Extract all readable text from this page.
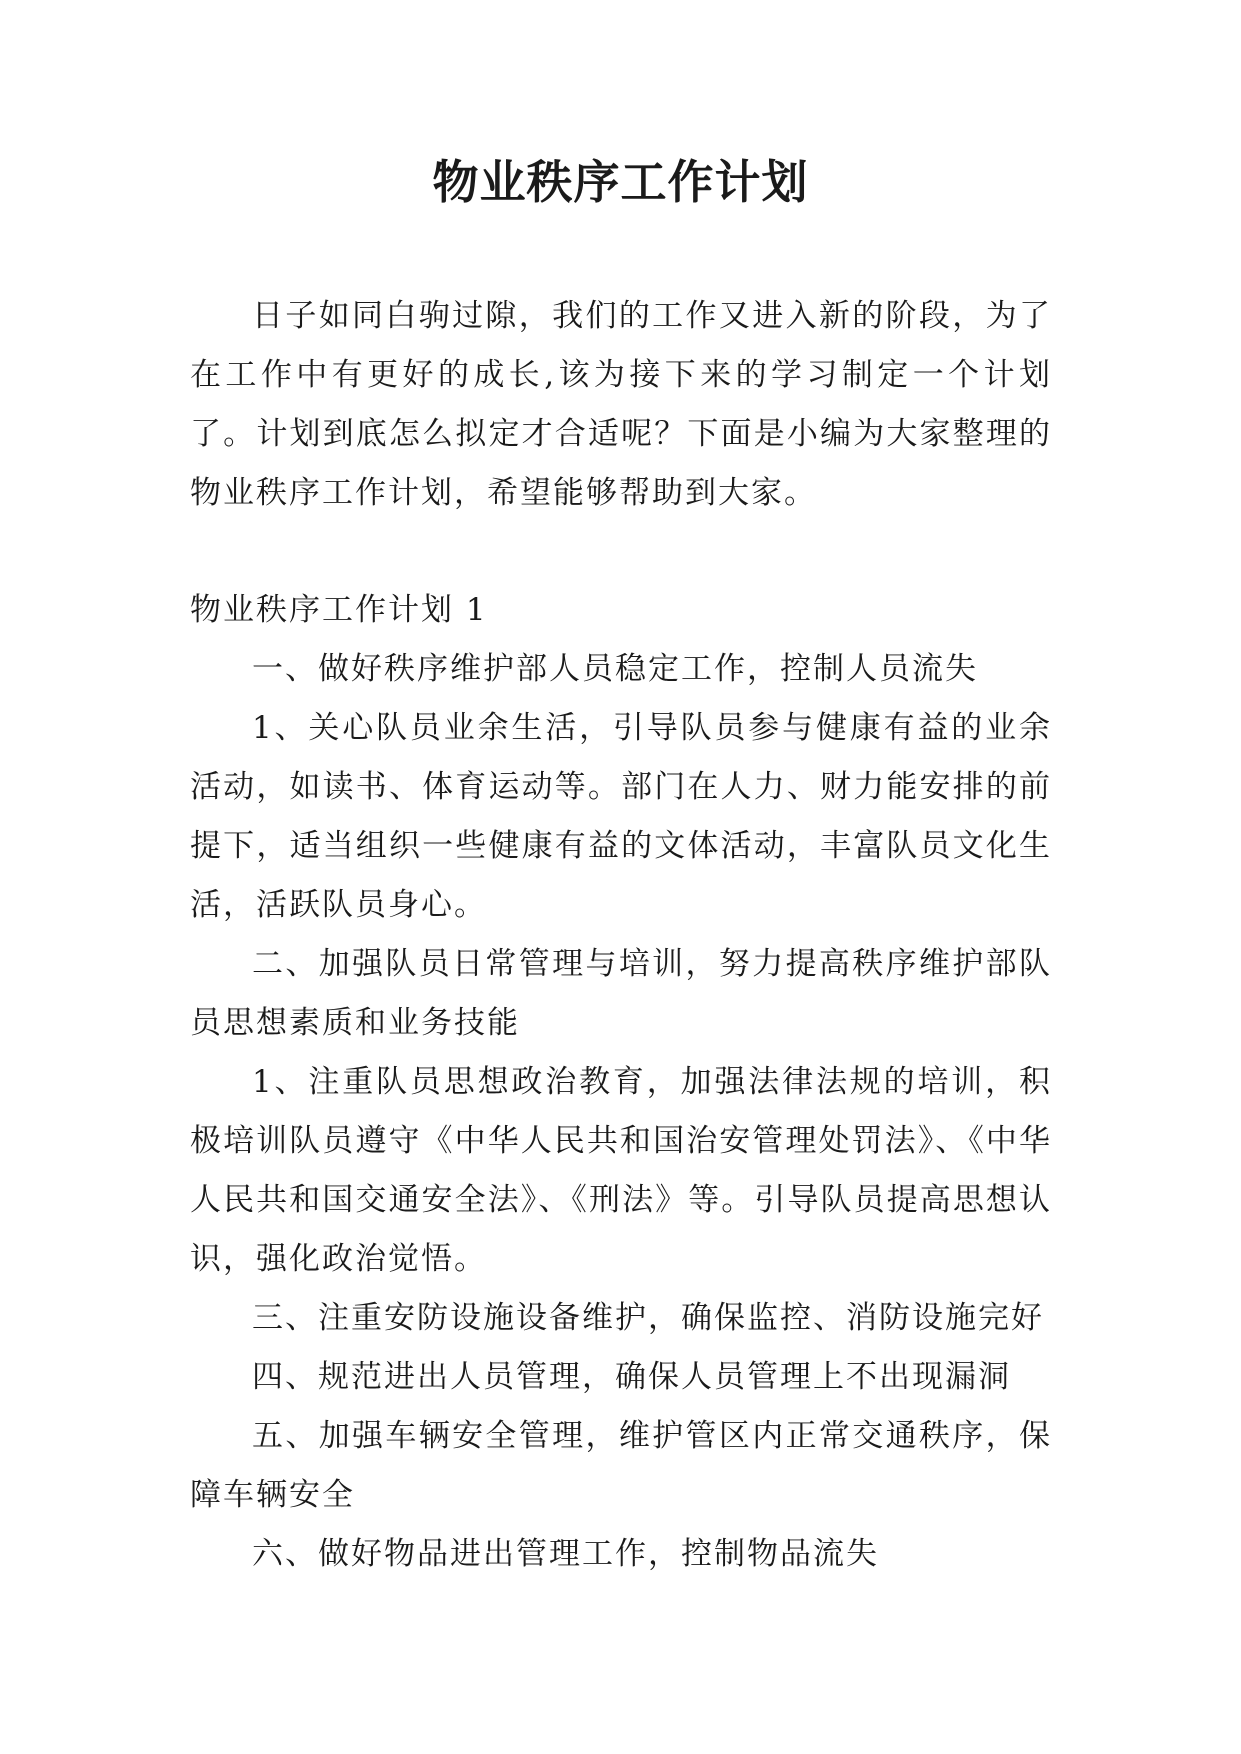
物业秩序工作计划

日子如同白驹过隙，我们的工作又进入新的阶段，为了在工作中有更好的成长,该为接下来的学习制定一个计划了。计划到底怎么拟定才合适呢？下面是小编为大家整理的物业秩序工作计划，希望能够帮助到大家。

物业秩序工作计划 1

一、做好秩序维护部人员稳定工作，控制人员流失

1、关心队员业余生活，引导队员参与健康有益的业余活动，如读书、体育运动等。部门在人力、财力能安排的前提下，适当组织一些健康有益的文体活动，丰富队员文化生活，活跃队员身心。

二、加强队员日常管理与培训，努力提高秩序维护部队员思想素质和业务技能

1、注重队员思想政治教育，加强法律法规的培训，积极培训队员遵守《中华人民共和国治安管理处罚法》、《中华人民共和国交通安全法》、《刑法》等。引导队员提高思想认识，强化政治觉悟。

三、注重安防设施设备维护，确保监控、消防设施完好

四、规范进出人员管理，确保人员管理上不出现漏洞

五、加强车辆安全管理，维护管区内正常交通秩序，保障车辆安全

六、做好物品进出管理工作，控制物品流失
